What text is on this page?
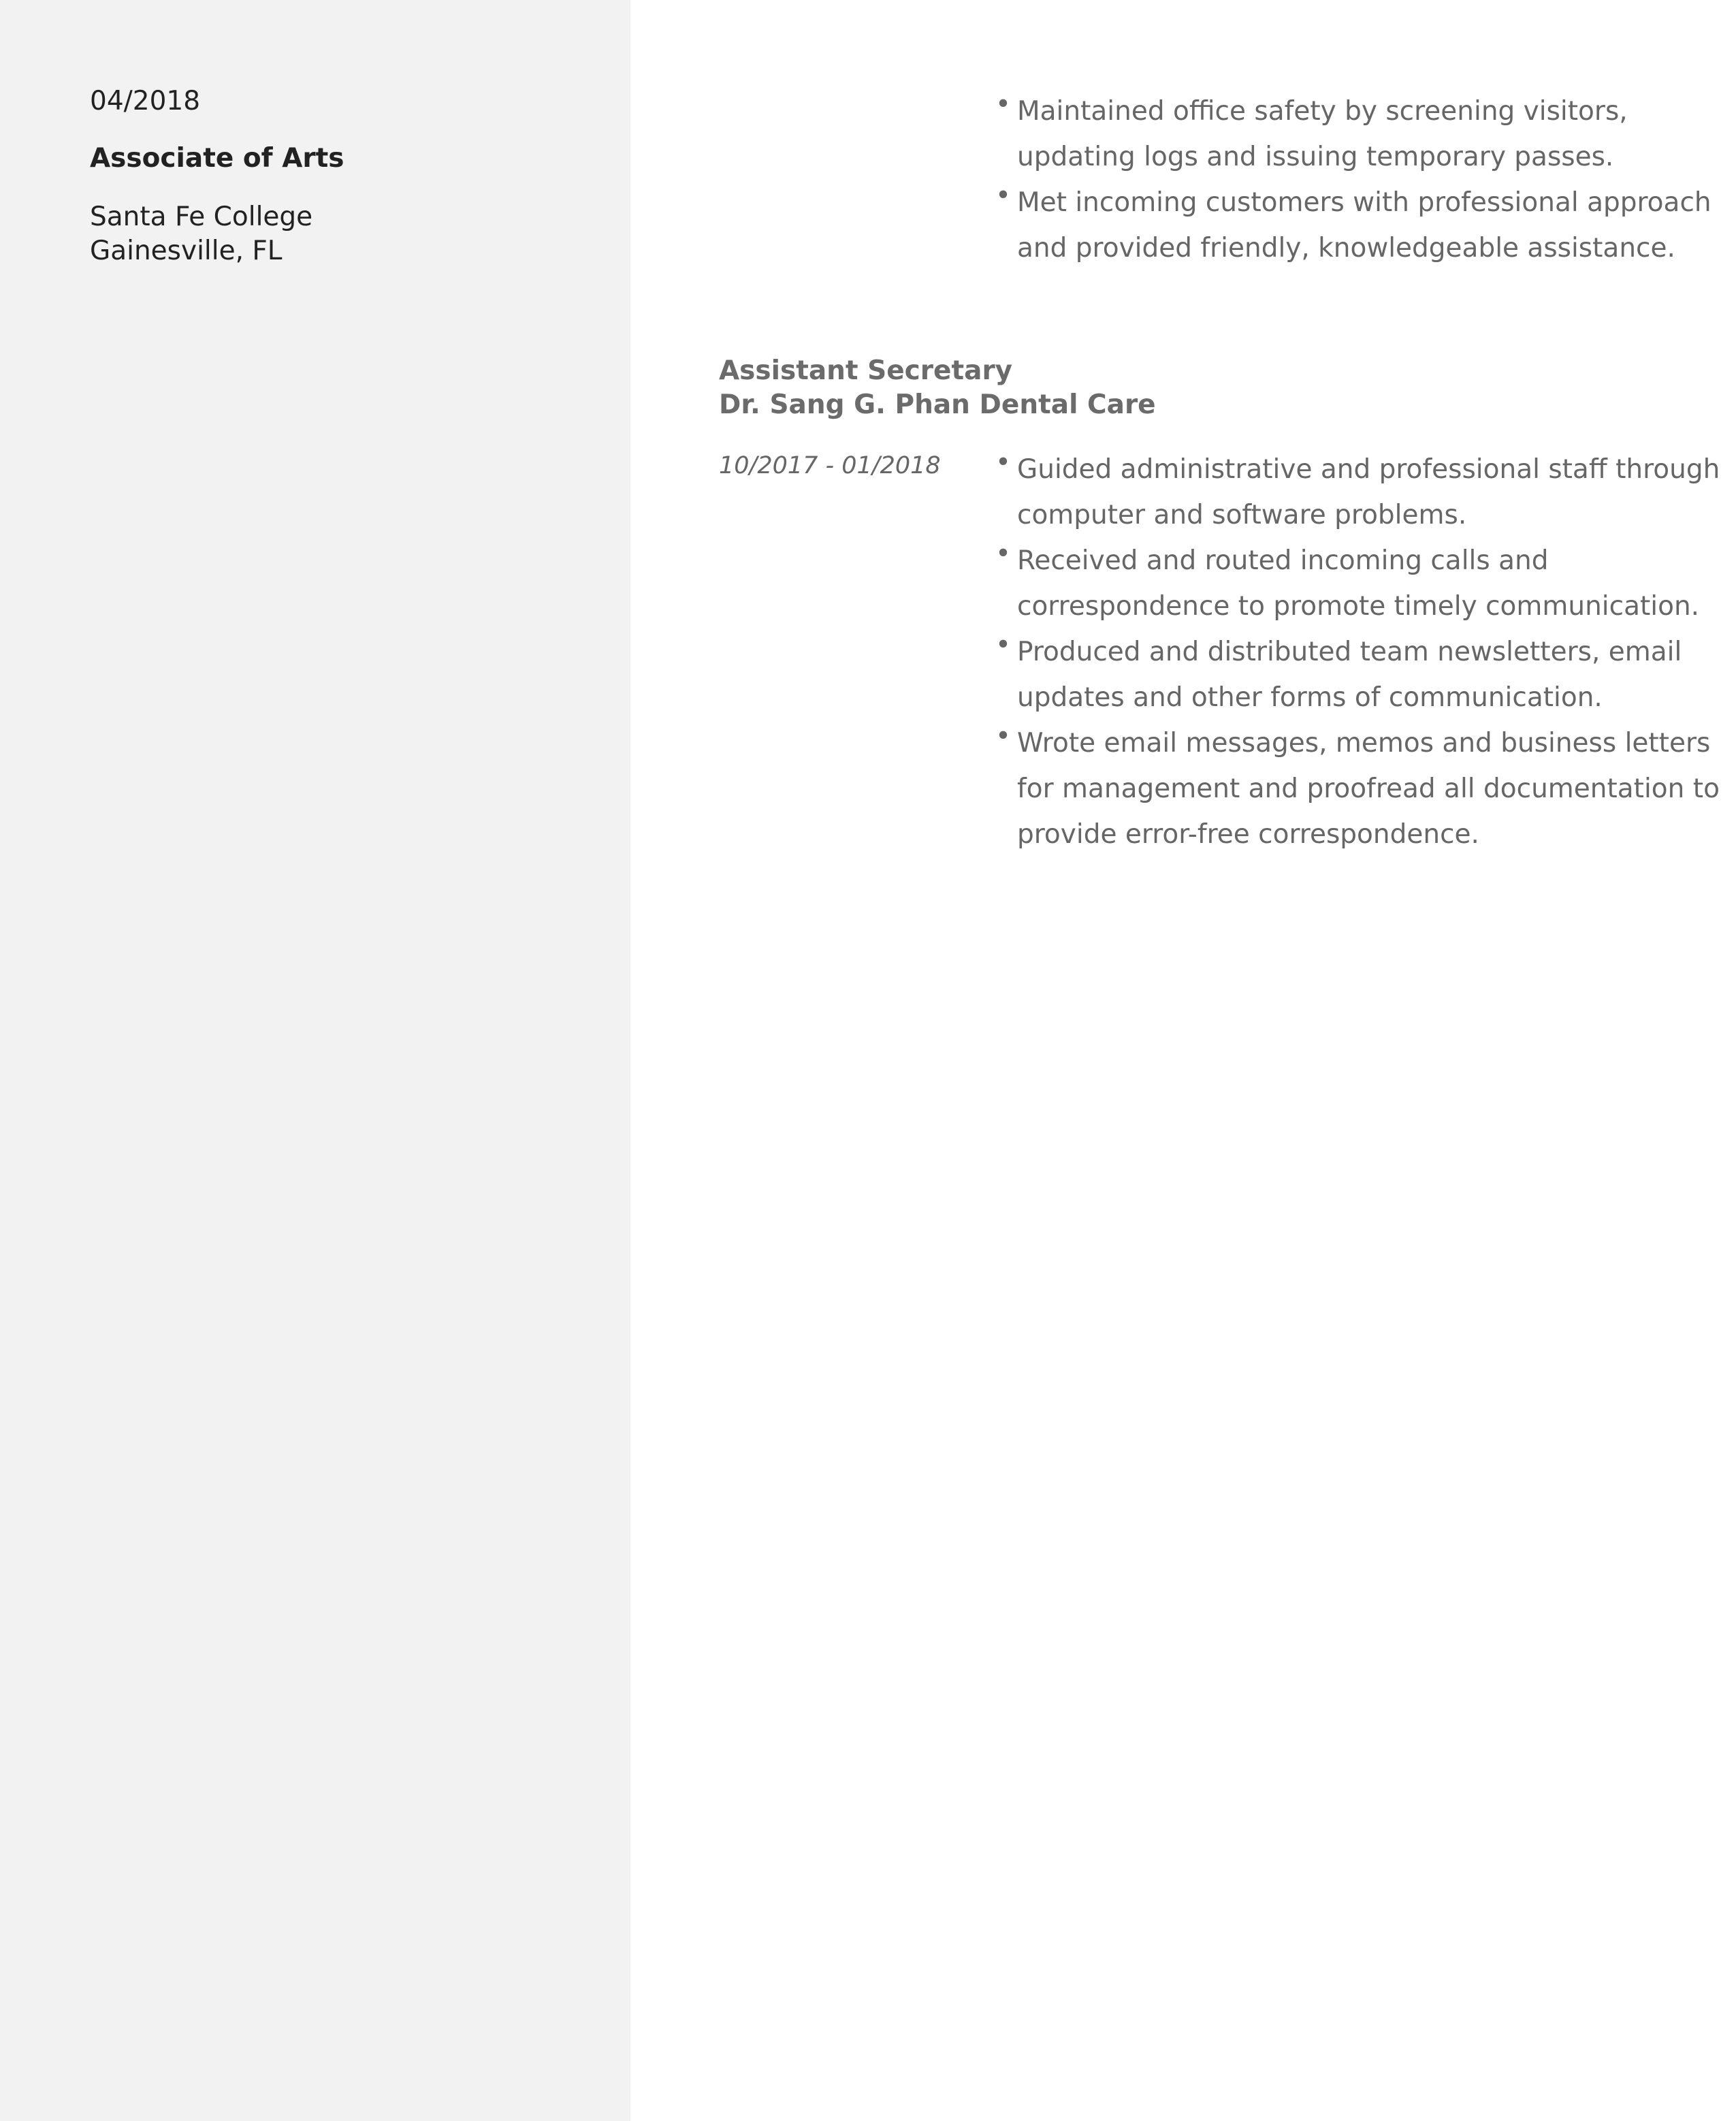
04/2018
Associate of Arts
Santa Fe College
Gainesville, FL
• Maintained office safety by screening visitors, updating logs and issuing temporary passes.
• Met incoming customers with professional approach and provided friendly, knowledgeable assistance.
Assistant Secretary
Dr. Sang G. Phan Dental Care
10/2017 - 01/2018 • Guided administrative and professional staff through computer and software problems.
• Received and routed incoming calls and correspondence to promote timely communication.
• Produced and distributed team newsletters, email updates and other forms of communication.
• Wrote email messages, memos and business letters for management and proofread all documentation to provide error-free correspondence.
